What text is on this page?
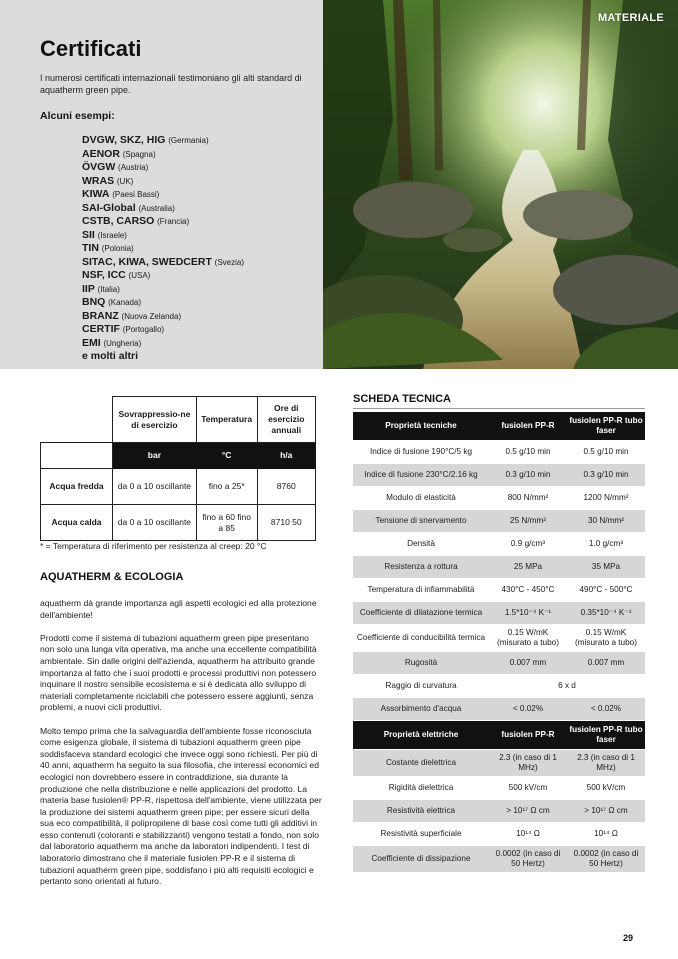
Certificati

I numerosi certificati internazionali testimoniano gli alti standard di aquatherm green pipe.

Alcuni esempi:
DVGW, SKZ, HIG (Germania)
AENOR (Spagna)
ÖVGW (Austria)
WRAS (UK)
KIWA (Paesi Bassi)
SAI-Global (Australia)
CSTB, CARSO (Francia)
SII (Israele)
TIN (Polonia)
SITAC, KIWA, SWEDCERT (Svezia)
NSF, ICC (USA)
IIP (Italia)
BNQ (Kanada)
BRANZ (Nuova Zelanda)
CERTIF (Portogallo)
EMI (Ungheria)
e molti altri
MATERIALE
	Sovrappressio-ne di esercizio	Temperatura	Ore di esercizio annuali
	bar	°C	h/a
Acqua fredda	da 0 a 10 oscillante	fino a 25*	8760
Acqua calda	da 0 a 10 oscillante	fino a 60 fino a 85	8710 50
* = Temperatura di riferimento per resistenza al creep: 20 °C
AQUATHERM & ECOLOGIA

aquatherm dà grande importanza agli aspetti ecologici ed alla protezione dell'ambiente!

Prodotti come il sistema di tubazioni aquatherm green pipe presentano non solo una lunga vita operativa, ma anche una eccellente compatibilità ambientale. Sin dalle origini dell'azienda, aquatherm ha attribuito grande importanza al fatto che i suoi prodotti e processi produttivi non potessero inquinare il nostro sensibile ecosistema e si è dedicata allo sviluppo di materiali completamente riciclabili che potessero essere aggiunti, senza problemi, a nuovi cicli produttivi.

Molto tempo prima che la salvaguardia dell'ambiente fosse riconosciuta come esigenza globale, il sistema di tubazioni aquatherm green pipe soddisfaceva standard ecologici che invece oggi sono richiesti. Per più di 40 anni, aquatherm ha seguito la sua filosofia, che interessi economici ed ecologici non dovrebbero essere in contraddizione, sia durante la produzione che nella distribuzione e nelle applicazioni del prodotto. La materia base fusiolen® PP-R, rispettosa dell'ambiente, viene utilizzata per la produzione dei sistemi aquatherm green pipe; per essere sicuri della sua eco compatibilità, il polipropilene di base così come tutti gli additivi in esso contenuti (coloranti e stabilizzanti) vengono testati a fondo, non solo dal laboratorio aquatherm ma anche da laboratori indipendenti. I test di laboratorio dimostrano che il materiale fusiolen PP-R e il sistema di tubazioni aquatherm green pipe, soddisfano i più alti requisiti ecologici e pertanto sono orientati al futuro.

SCHEDA TECNICA
Proprietà tecniche	fusiolen PP-R	fusiolen PP-R tubo faser
Indice di fusione 190°C/5 kg	0.5 g/10 min	0.5 g/10 min
Indice di fusione 230°C/2.16 kg	0.3 g/10 min	0.3 g/10 min
Modulo di elasticità	800 N/mm²	1200 N/mm²
Tensione di snervamento	25 N/mm²	30 N/mm²
Densità	0.9 g/cm³	1.0 g/cm³
Resistenza a rottura	25 MPa	35 MPa
Temperatura di infiammabilità	430°C - 450°C	490°C - 500°C
Coefficiente di dilatazione termica	1.5*10⁻⁴ K⁻¹	0.35*10⁻⁴ K⁻¹
Coefficiente di conducibilità termica	0.15 W/mK (misurato a tubo)	0.15 W/mK (misurato a tubo)
Rugosità	0.007 mm	0.007 mm
Raggio di curvatura	6 x d	
Assorbimento d'acqua	< 0.02%	< 0.02%
Proprietà elettriche	fusiolen PP-R	fusiolen PP-R tubo faser
Costante dielettrica	2.3 (in caso di 1 MHz)	2.3 (in caso di 1 MHz)
Rigidità dielettrica	500 kV/cm	500 kV/cm
Resistività elettrica	> 10¹⁷ Ω cm	> 10¹⁷ Ω cm
Resistività superficiale	10¹⁴ Ω	10¹⁴ Ω
Coefficiente di dissipazione	0.0002 (in caso di 50 Hertz)	0.0002 (in caso di 50 Hertz)
29
